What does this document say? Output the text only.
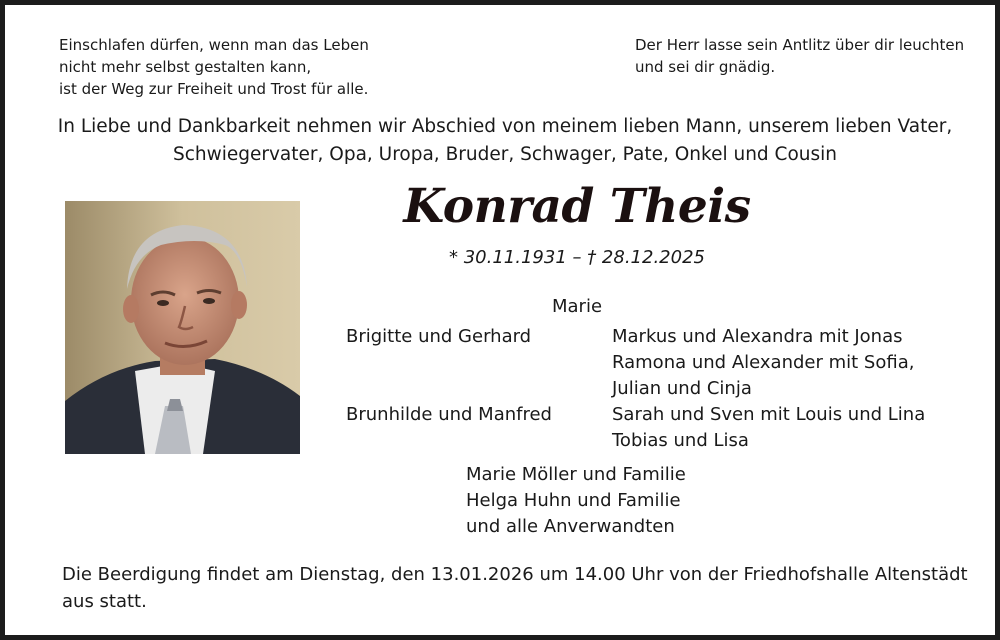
Einschlafen dürfen, wenn man das Leben
nicht mehr selbst gestalten kann,
ist der Weg zur Freiheit und Trost für alle.
Der Herr lasse sein Antlitz über dir leuchten
und sei dir gnädig.
In Liebe und Dankbarkeit nehmen wir Abschied von meinem lieben Mann, unserem lieben Vater,
Schwiegervater, Opa, Uropa, Bruder, Schwager, Pate, Onkel und Cousin
Konrad Theis
* 30.11.1931 – † 28.12.2025
Marie
Brigitte und Gerhard
Brunhilde und Manfred
Markus und Alexandra mit Jonas
Ramona und Alexander mit Sofia,
Julian und Cinja
Sarah und Sven mit Louis und Lina
Tobias und Lisa
Marie Möller und Familie
Helga Huhn und Familie
und alle Anverwandten
Die Beerdigung findet am Dienstag, den 13.01.2026 um 14.00 Uhr von der Friedhofshalle Altenstädt
aus statt.
